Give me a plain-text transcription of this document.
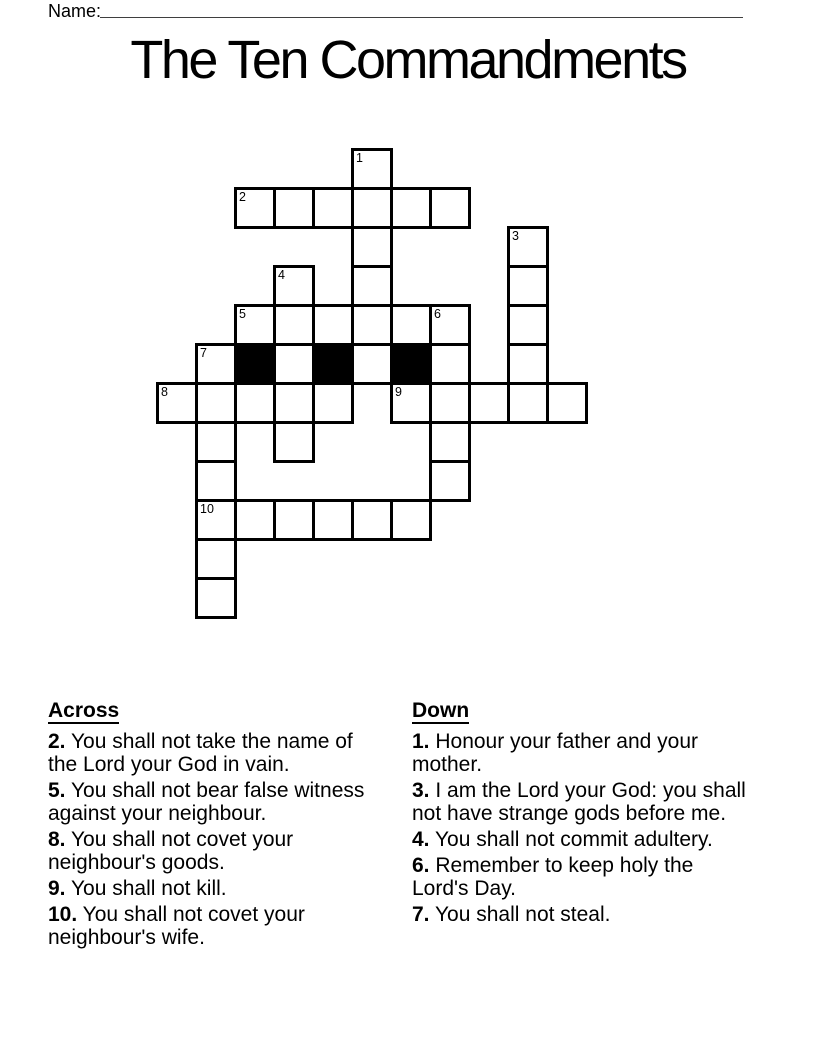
Name:
The Ten Commandments
1
2
3
4
5	6
7
8	9
10
Across

2. You shall not take the name of the Lord your God in vain.

5. You shall not bear false witness against your neighbour.

8. You shall not covet your neighbour's goods.

9. You shall not kill.

10. You shall not covet your neighbour's wife.

Down

1. Honour your father and your mother.

3. I am the Lord your God: you shall not have strange gods before me.

4. You shall not commit adultery.

6. Remember to keep holy the Lord's Day.

7. You shall not steal.
